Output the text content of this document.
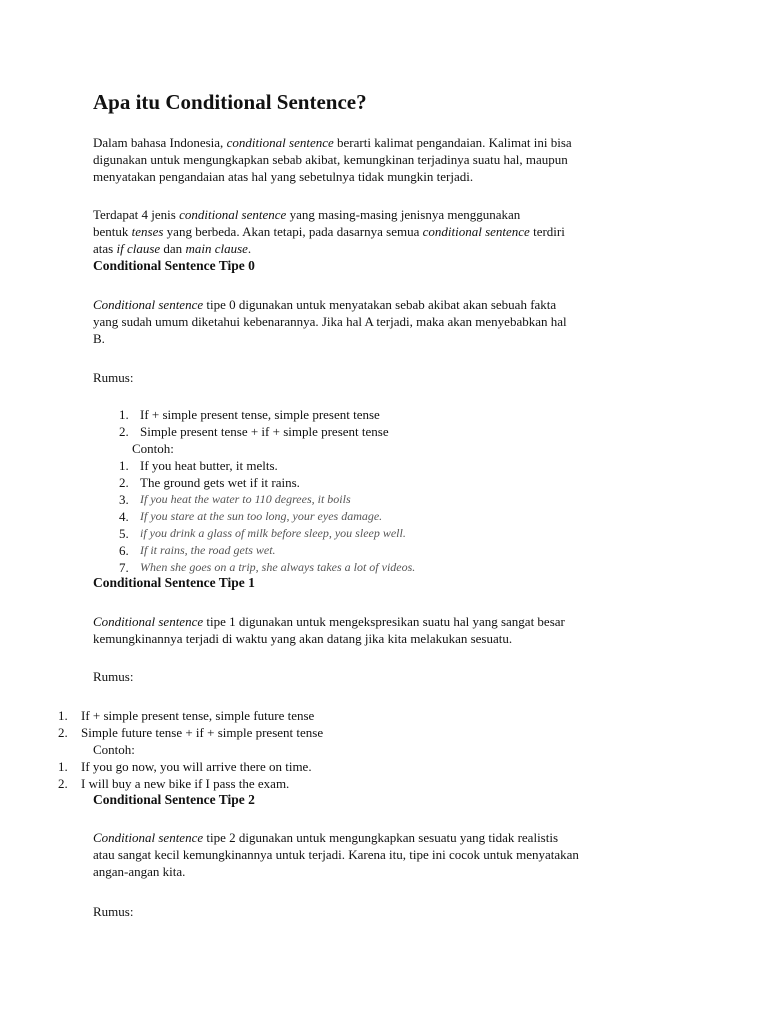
Apa itu Conditional Sentence?
Dalam bahasa Indonesia, conditional sentence berarti kalimat pengandaian. Kalimat ini bisa
digunakan untuk mengungkapkan sebab akibat, kemungkinan terjadinya suatu hal, maupun
menyatakan pengandaian atas hal yang sebetulnya tidak mungkin terjadi.
Terdapat 4 jenis conditional sentence yang masing-masing jenisnya menggunakan
bentuk tenses yang berbeda. Akan tetapi, pada dasarnya semua conditional sentence terdiri
atas if clause dan main clause.
Conditional Sentence Tipe 0
Conditional sentence tipe 0 digunakan untuk menyatakan sebab akibat akan sebuah fakta
yang sudah umum diketahui kebenarannya. Jika hal A terjadi, maka akan menyebabkan hal
B.
Rumus:
1. If + simple present tense, simple present tense
2. Simple present tense + if + simple present tense
Contoh:
1. If you heat butter, it melts.
2. The ground gets wet if it rains.
3. If you heat the water to 110 degrees, it boils
4. If you stare at the sun too long, your eyes damage.
5. if you drink a glass of milk before sleep, you sleep well.
6. If it rains, the road gets wet.
7. When she goes on a trip, she always takes a lot of videos.
Conditional Sentence Tipe 1
Conditional sentence tipe 1 digunakan untuk mengekspresikan suatu hal yang sangat besar
kemungkinannya terjadi di waktu yang akan datang jika kita melakukan sesuatu.
Rumus:
1. If + simple present tense, simple future tense
2. Simple future tense + if + simple present tense
Contoh:
1. If you go now, you will arrive there on time.
2. I will buy a new bike if I pass the exam.
Conditional Sentence Tipe 2
Conditional sentence tipe 2 digunakan untuk mengungkapkan sesuatu yang tidak realistis
atau sangat kecil kemungkinannya untuk terjadi. Karena itu, tipe ini cocok untuk menyatakan
angan-angan kita.
Rumus:
